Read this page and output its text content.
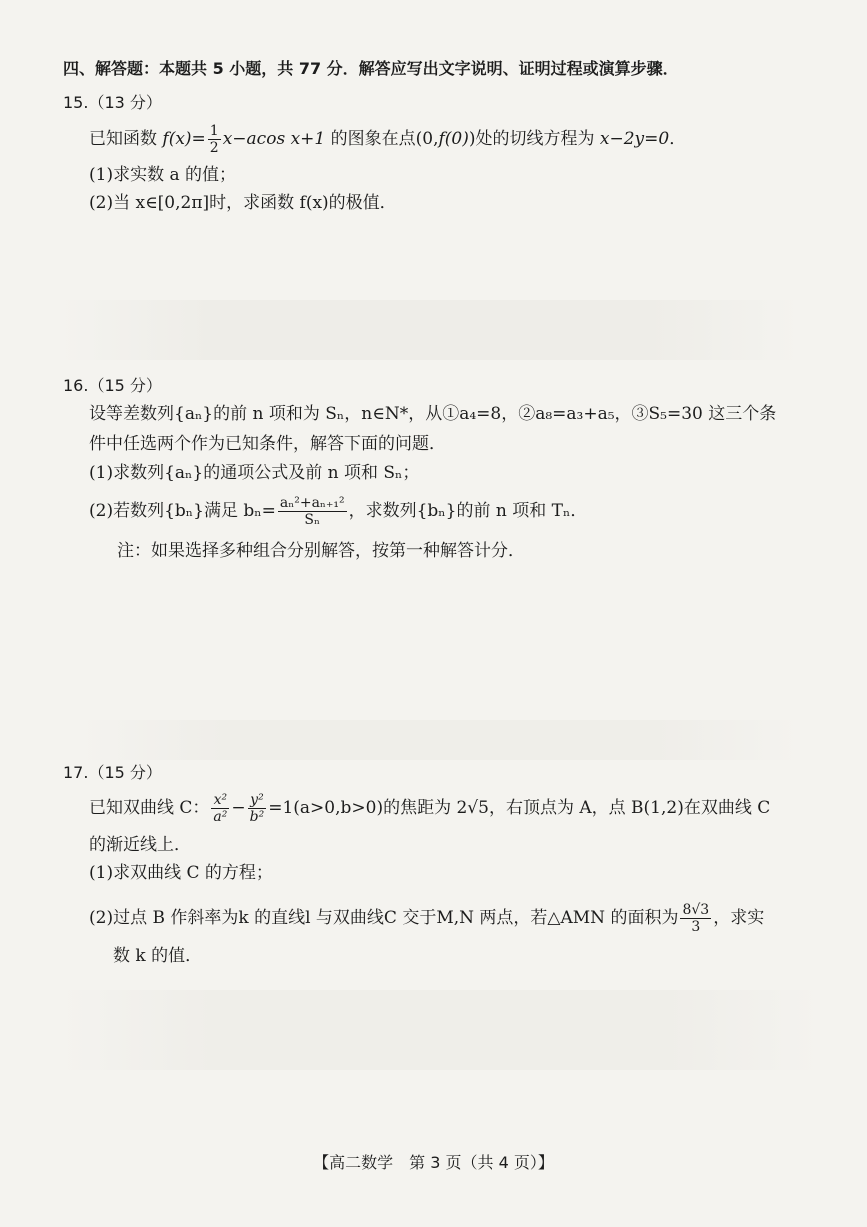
四、解答题：本题共 5 小题，共 77 分．解答应写出文字说明、证明过程或演算步骤．
15.（13 分）
已知函数 $f(x)= \frac{1}{2} x-acos$ x+1 的图象在点(0,f(0))处的切线方程为 x−2y=0．
(1)求实数 a 的值；
(2)当 x∈[0,2π]时，求函数 f(x)的极值．
16.（15 分）
设等差数列{aₙ}的前 n 项和为 Sₙ，n∈N*，从①a₄=8，②a₈=a₃+a₅，③S₅=30 这三个条
件中任选两个作为已知条件，解答下面的问题．
(1)求数列{aₙ}的通项公式及前 n 项和 Sₙ；
(2)若数列{bₙ}满足 $b_n= \frac{\text{aₙ²+aₙ₊₁²}}{\text{Sₙ}}$ ，求数列{bₙ}的前 n 项和 Tₙ．
注：如果选择多种组合分别解答，按第一种解答计分．
17.（15 分）
已知双曲线 C： $\frac{\text{x²}}{\text{a²}} - \frac{\text{y²}}{\text{b²}} =1(a>0,b>0)$的焦距为 2√5，右顶点为 A，点 B(1,2)在双曲线 C
的渐近线上．
(1)求双曲线 C 的方程；
(2)过点 B 作斜率为k 的直线l 与双曲线C 交于M,N 两点，若△AMN 的面积为 $\frac{8√3}{3}$ ，求实
数 k 的值．
【高二数学　第 3 页（共 4 页）】
